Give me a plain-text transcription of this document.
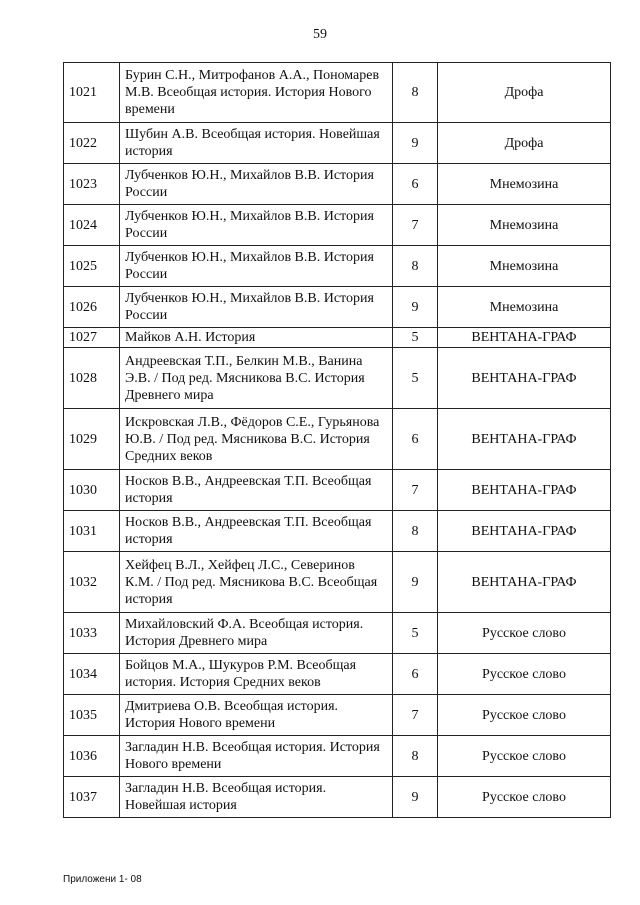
59
1021	Бурин С.Н., Митрофанов А.А., Пономарев М.В. Всеобщая история. История Нового времени	8	Дрофа
1022	Шубин А.В. Всеобщая история. Новейшая история	9	Дрофа
1023	Лубченков Ю.Н., Михайлов В.В. История России	6	Мнемозина
1024	Лубченков Ю.Н., Михайлов В.В. История России	7	Мнемозина
1025	Лубченков Ю.Н., Михайлов В.В. История России	8	Мнемозина
1026	Лубченков Ю.Н., Михайлов В.В. История России	9	Мнемозина
1027	Майков А.Н. История	5	ВЕНТАНА-ГРАФ
1028	Андреевская Т.П., Белкин М.В., Ванина Э.В. / Под ред. Мясникова В.С. История Древнего мира	5	ВЕНТАНА-ГРАФ
1029	Искровская Л.В., Фёдоров С.Е., Гурьянова Ю.В. / Под ред. Мясникова В.С. История Средних веков	6	ВЕНТАНА-ГРАФ
1030	Носков В.В., Андреевская Т.П. Всеобщая история	7	ВЕНТАНА-ГРАФ
1031	Носков В.В., Андреевская Т.П. Всеобщая история	8	ВЕНТАНА-ГРАФ
1032	Хейфец В.Л., Хейфец Л.С., Северинов К.М. / Под ред. Мясникова В.С. Всеобщая история	9	ВЕНТАНА-ГРАФ
1033	Михайловский Ф.А. Всеобщая история. История Древнего мира	5	Русское слово
1034	Бойцов М.А., Шукуров Р.М. Всеобщая история. История Средних веков	6	Русское слово
1035	Дмитриева О.В. Всеобщая история. История Нового времени	7	Русское слово
1036	Загладин Н.В. Всеобщая история. История Нового времени	8	Русское слово
1037	Загладин Н.В. Всеобщая история. Новейшая история	9	Русское слово
Приложени 1- 08
